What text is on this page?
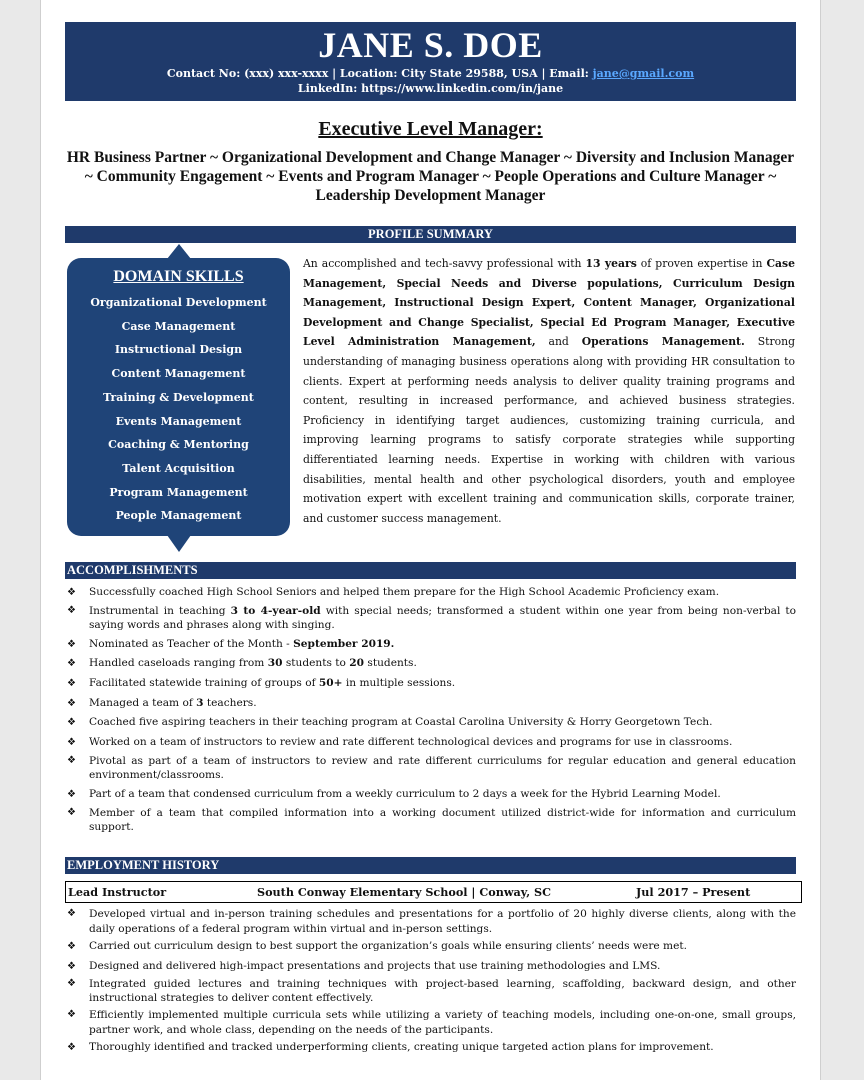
JANE S. DOE
Contact No: (xxx) xxx-xxxx | Location: City State 29588, USA | Email: jane@gmail.com
LinkedIn: https://www.linkedin.com/in/jane
Executive Level Manager:
HR Business Partner ~ Organizational Development and Change Manager ~ Diversity and Inclusion Manager ~ Community Engagement ~ Events and Program Manager ~ People Operations and Culture Manager ~ Leadership Development Manager
PROFILE SUMMARY
DOMAIN SKILLS
Organizational Development
Case Management
Instructional Design
Content Management
Training & Development
Events Management
Coaching & Mentoring
Talent Acquisition
Program Management
People Management
An accomplished and tech-savvy professional with 13 years of proven expertise in Case Management, Special Needs and Diverse populations, Curriculum Design Management, Instructional Design Expert, Content Manager, Organizational Development and Change Specialist, Special Ed Program Manager, Executive Level Administration Management, and Operations Management. Strong understanding of managing business operations along with providing HR consultation to clients. Expert at performing needs analysis to deliver quality training programs and content, resulting in increased performance, and achieved business strategies. Proficiency in identifying target audiences, customizing training curricula, and improving learning programs to satisfy corporate strategies while supporting differentiated learning needs. Expertise in working with children with various disabilities, mental health and other psychological disorders, youth and employee motivation expert with excellent training and communication skills, corporate trainer, and customer success management.
ACCOMPLISHMENTS
❖ Successfully coached High School Seniors and helped them prepare for the High School Academic Proficiency exam.
❖ Instrumental in teaching 3 to 4-year-old with special needs; transformed a student within one year from being non-verbal to saying words and phrases along with singing.
❖ Nominated as Teacher of the Month - September 2019.
❖ Handled caseloads ranging from 30 students to 20 students.
❖ Facilitated statewide training of groups of 50+ in multiple sessions.
❖ Managed a team of 3 teachers.
❖ Coached five aspiring teachers in their teaching program at Coastal Carolina University & Horry Georgetown Tech.
❖ Worked on a team of instructors to review and rate different technological devices and programs for use in classrooms.
❖ Pivotal as part of a team of instructors to review and rate different curriculums for regular education and general education environment/classrooms.
❖ Part of a team that condensed curriculum from a weekly curriculum to 2 days a week for the Hybrid Learning Model.
❖ Member of a team that compiled information into a working document utilized district-wide for information and curriculum support.
EMPLOYMENT HISTORY
Lead Instructor	South Conway Elementary School | Conway, SC	Jul 2017 – Present
❖ Developed virtual and in-person training schedules and presentations for a portfolio of 20 highly diverse clients, along with the daily operations of a federal program within virtual and in-person settings.
❖ Carried out curriculum design to best support the organization’s goals while ensuring clients’ needs were met.
❖ Designed and delivered high-impact presentations and projects that use training methodologies and LMS.
❖ Integrated guided lectures and training techniques with project-based learning, scaffolding, backward design, and other instructional strategies to deliver content effectively.
❖ Efficiently implemented multiple curricula sets while utilizing a variety of teaching models, including one-on-one, small groups, partner work, and whole class, depending on the needs of the participants.
❖ Thoroughly identified and tracked underperforming clients, creating unique targeted action plans for improvement.
